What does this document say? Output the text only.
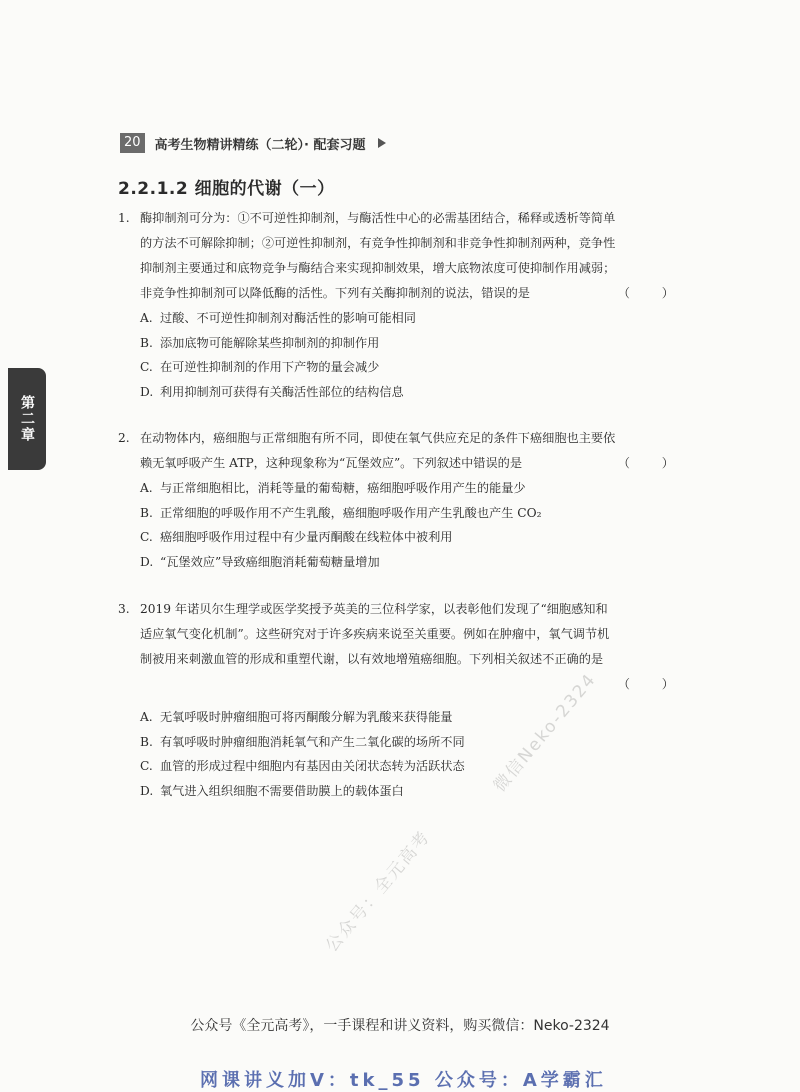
20	高考生物精讲精练（二轮）· 配套习题
2.2.1.2 细胞的代谢（一）
第二章
1. 酶抑制剂可分为：①不可逆性抑制剂，与酶活性中心的必需基团结合，稀释或透析等简单
的方法不可解除抑制；②可逆性抑制剂，有竞争性抑制剂和非竞争性抑制剂两种，竞争性
抑制剂主要通过和底物竞争与酶结合来实现抑制效果，增大底物浓度可使抑制作用减弱；
非竞争性抑制剂可以降低酶的活性。下列有关酶抑制剂的说法，错误的是	（ ）
A. 过酸、不可逆性抑制剂对酶活性的影响可能相同
B. 添加底物可能解除某些抑制剂的抑制作用
C. 在可逆性抑制剂的作用下产物的量会减少
D. 利用抑制剂可获得有关酶活性部位的结构信息
2. 在动物体内，癌细胞与正常细胞有所不同，即使在氧气供应充足的条件下癌细胞也主要依
赖无氧呼吸产生 ATP，这种现象称为“瓦堡效应”。下列叙述中错误的是	（ ）
A. 与正常细胞相比，消耗等量的葡萄糖，癌细胞呼吸作用产生的能量少
B. 正常细胞的呼吸作用不产生乳酸，癌细胞呼吸作用产生乳酸也产生 CO₂
C. 癌细胞呼吸作用过程中有少量丙酮酸在线粒体中被利用
D. “瓦堡效应”导致癌细胞消耗葡萄糖量增加
3. 2019 年诺贝尔生理学或医学奖授予英美的三位科学家，以表彰他们发现了“细胞感知和
适应氧气变化机制”。这些研究对于许多疾病来说至关重要。例如在肿瘤中，氧气调节机
制被用来刺激血管的形成和重塑代谢，以有效地增殖癌细胞。下列相关叙述不正确的是
（ ）
A. 无氧呼吸时肿瘤细胞可将丙酮酸分解为乳酸来获得能量
B. 有氧呼吸时肿瘤细胞消耗氧气和产生二氧化碳的场所不同
C. 血管的形成过程中细胞内有基因由关闭状态转为活跃状态
D. 氧气进入组织细胞不需要借助膜上的载体蛋白
公众号：全元高考
微信Neko-2324
公众号《全元高考》，一手课程和讲义资料，购买微信：Neko-2324
网课讲义加V：tk_55 公众号：A学霸汇
